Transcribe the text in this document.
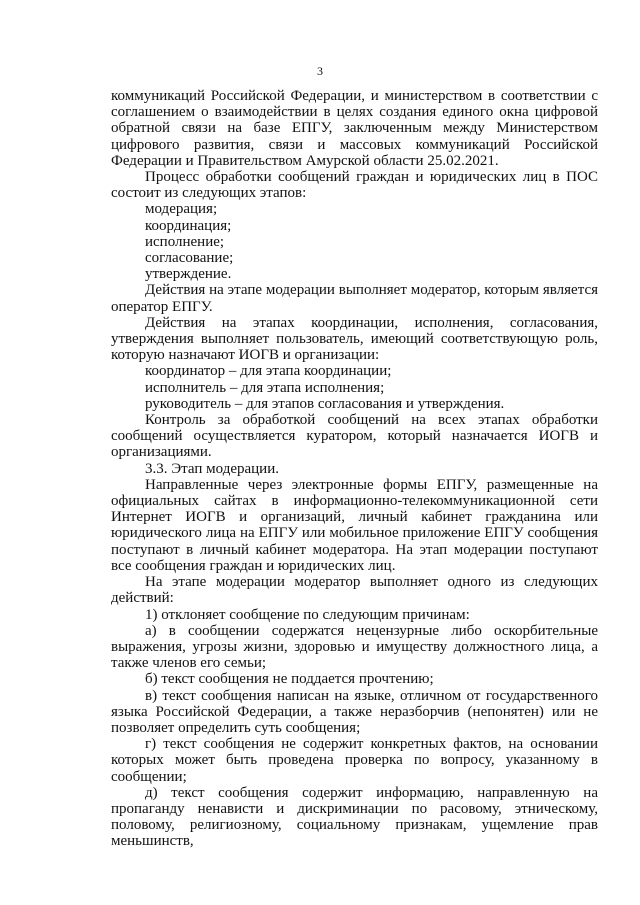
3

коммуникаций Российской Федерации, и министерством в соответствии с соглашением о взаимодействии в целях создания единого окна цифровой обратной связи на базе ЕПГУ, заключенным между Министерством цифрового развития, связи и массовых коммуникаций Российской Федерации и Правительством Амурской области 25.02.2021.

Процесс обработки сообщений граждан и юридических лиц в ПОС состоит из следующих этапов:

модерация;

координация;

исполнение;

согласование;

утверждение.

Действия на этапе модерации выполняет модератор, которым является оператор ЕПГУ.

Действия на этапах координации, исполнения, согласования, утверждения выполняет пользователь, имеющий соответствующую роль, которую назначают ИОГВ и организации:

координатор – для этапа координации;

исполнитель – для этапа исполнения;

руководитель – для этапов согласования и утверждения.

Контроль за обработкой сообщений на всех этапах обработки сообщений осуществляется куратором, который назначается ИОГВ и организациями.

3.3. Этап модерации.

Направленные через электронные формы ЕПГУ, размещенные на официальных сайтах в информационно-телекоммуникационной сети Интернет ИОГВ и организаций, личный кабинет гражданина или юридического лица на ЕПГУ или мобильное приложение ЕПГУ сообщения поступают в личный кабинет модератора. На этап модерации поступают все сообщения граждан и юридических лиц.

На этапе модерации модератор выполняет одного из следующих действий:

1) отклоняет сообщение по следующим причинам:

а) в сообщении содержатся нецензурные либо оскорбительные выражения, угрозы жизни, здоровью и имуществу должностного лица, а также членов его семьи;

б) текст сообщения не поддается прочтению;

в) текст сообщения написан на языке, отличном от государственного языка Российской Федерации, а также неразборчив (непонятен) или не позволяет определить суть сообщения;

г) текст сообщения не содержит конкретных фактов, на основании которых может быть проведена проверка по вопросу, указанному в сообщении;

д) текст сообщения содержит информацию, направленную на пропаганду ненависти и дискриминации по расовому, этническому, половому, религиозному, социальному признакам, ущемление прав меньшинств,
